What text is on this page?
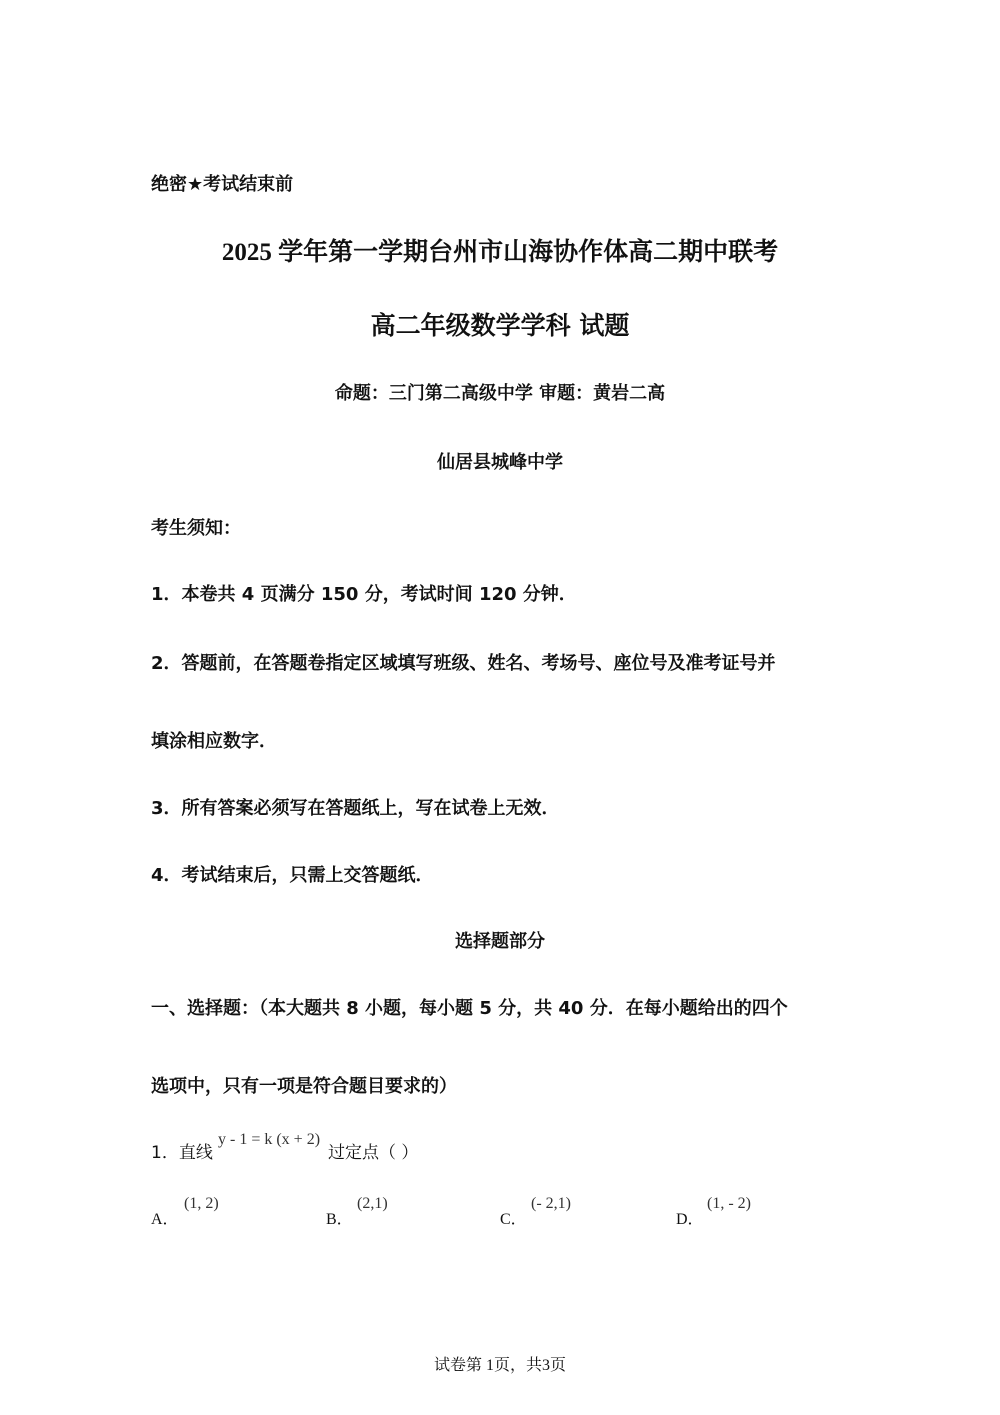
绝密★考试结束前
2025 学年第一学期台州市山海协作体高二期中联考
高二年级数学学科 试题
命题：三门第二高级中学 审题：黄岩二高
仙居县城峰中学
考生须知：
1．本卷共 4 页满分 150 分，考试时间 120 分钟．
2．答题前，在答题卷指定区域填写班级、姓名、考场号、座位号及准考证号并
填涂相应数字．
3．所有答案必须写在答题纸上，写在试卷上无效．
4．考试结束后，只需上交答题纸．
选择题部分
一、选择题：（本大题共 8 小题，每小题 5 分，共 40 分．在每小题给出的四个
选项中，只有一项是符合题目要求的）
1．直线
y - 1 = k (x + 2)
过定点（ ）
A．
(1, 2)
B．
(2,1)
C．
(- 2,1)
D．
(1, - 2)
试卷第 1页，共3页
